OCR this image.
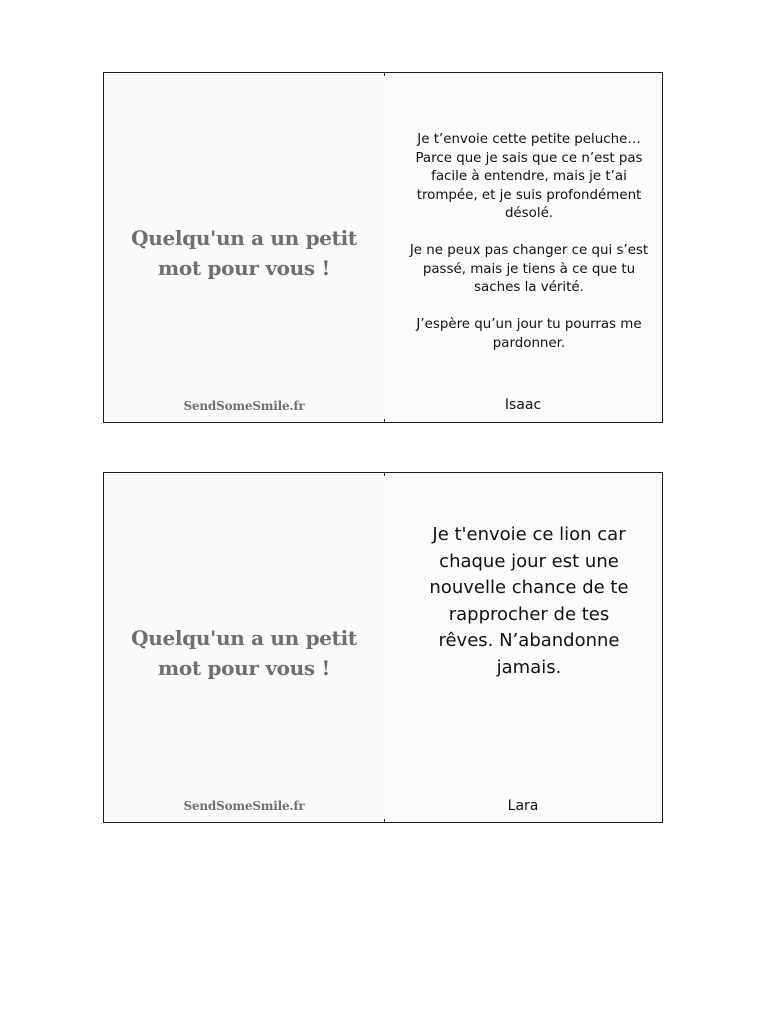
Quelqu'un a un petit
mot pour vous !
SendSomeSmile.fr

Je t’envoie cette petite peluche… Parce que je sais que ce n’est pas facile à entendre, mais je t’ai trompée, et je suis profondément désolé.

Je ne peux pas changer ce qui s’est passé, mais je tiens à ce que tu saches la vérité.

J’espère qu’un jour tu pourras me pardonner.

Isaac
Quelqu'un a un petit
mot pour vous !
SendSomeSmile.fr
Je t'envoie ce lion car chaque jour est une nouvelle chance de te rapprocher de tes rêves. N’abandonne jamais.
Lara
